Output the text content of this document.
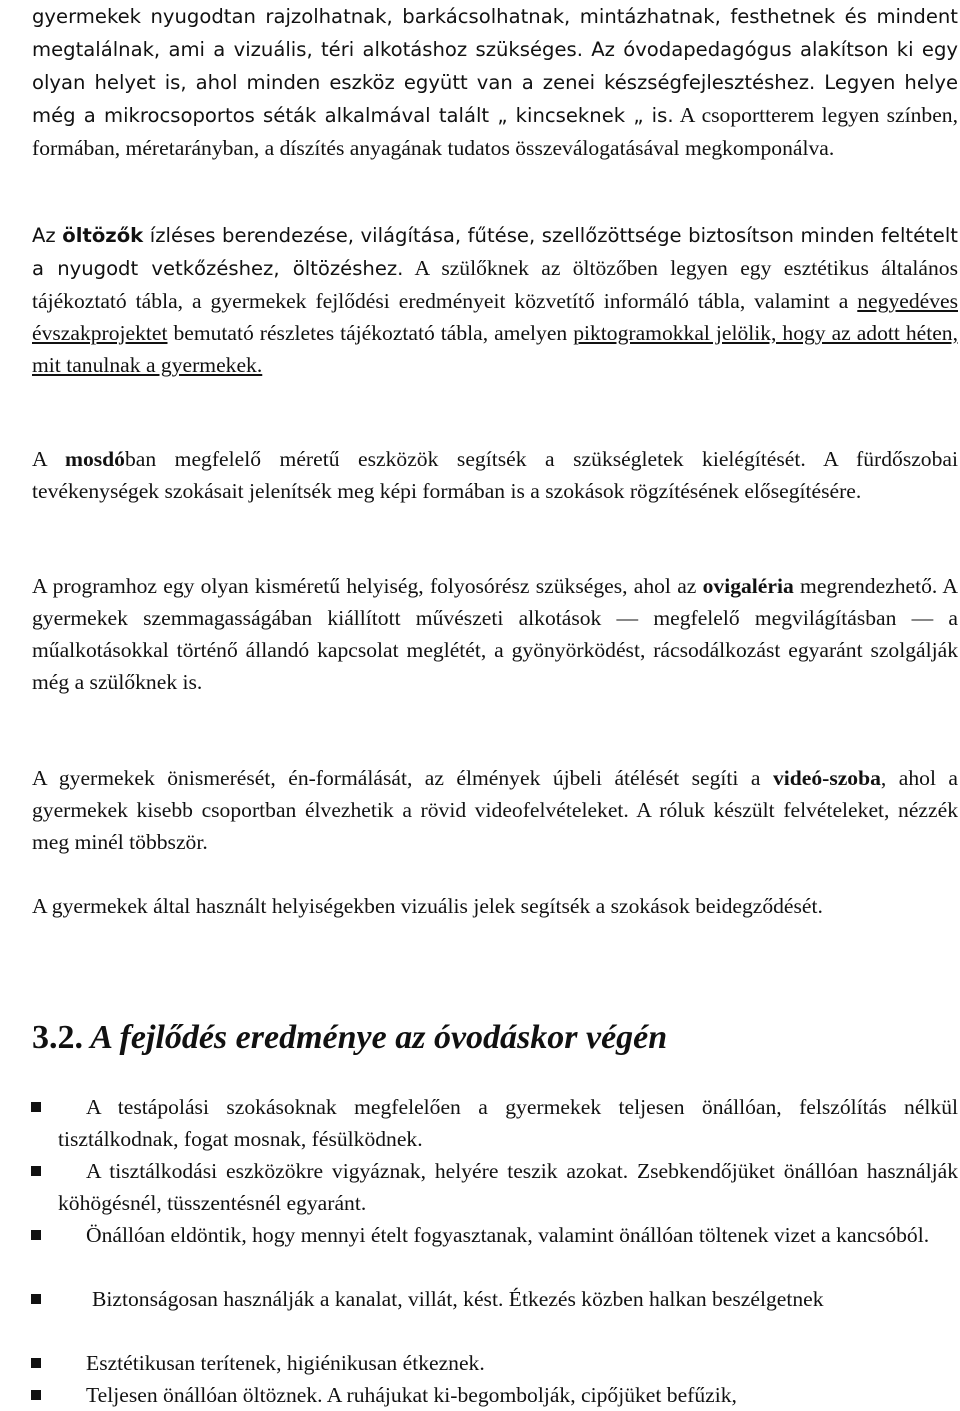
gyermekek nyugodtan rajzolhatnak, barkácsolhatnak, mintázhatnak, festhetnek és mindent megtalálnak, ami a vizuális, téri alkotáshoz szükséges. Az óvodapedagógus alakítson ki egy olyan helyet is, ahol minden eszköz együtt van a zenei készségfejlesztéshez. Legyen helye még a mikrocsoportos séták alkalmával talált „ kincseknek „ is. A csoportterem legyen színben, formában, méretarányban, a díszítés anyagának tudatos összeválogatásával megkomponálva.

Az öltözők ízléses berendezése, világítása, fűtése, szellőzöttsége biztosítson minden feltételt a nyugodt vetkőzéshez, öltözéshez. A szülőknek az öltözőben legyen egy esztétikus általános tájékoztató tábla, a gyermekek fejlődési eredményeit közvetítő informáló tábla, valamint a negyedéves évszakprojektet bemutató részletes tájékoztató tábla, amelyen piktogramokkal jelölik, hogy az adott héten, mit tanulnak a gyermekek.

A mosdóban megfelelő méretű eszközök segítsék a szükségletek kielégítését. A fürdőszobai tevékenységek szokásait jelenítsék meg képi formában is a szokások rögzítésének elősegítésére.

A programhoz egy olyan kisméretű helyiség, folyosórész szükséges, ahol az ovigaléria megrendezhető. A gyermekek szemmagasságában kiállított művészeti alkotások — megfelelő megvilágításban — a műalkotásokkal történő állandó kapcsolat meglétét, a gyönyörködést, rácsodálkozást egyaránt szolgálják még a szülőknek is.

A gyermekek önismerését, én-formálását, az élmények újbeli átélését segíti a videó-szoba, ahol a gyermekek kisebb csoportban élvezhetik a rövid videofelvételeket. A róluk készült felvételeket, nézzék meg minél többször.

A gyermekek által használt helyiségekben vizuális jelek segítsék a szokások beidegződését.

3.2. A fejlődés eredménye az óvodáskor végén

A testápolási szokásoknak megfelelően a gyermekek teljesen önállóan, felszólítás nélkül tisztálkodnak, fogat mosnak, fésülködnek.

A tisztálkodási eszközökre vigyáznak, helyére teszik azokat. Zsebkendőjüket önállóan használják köhögésnél, tüsszentésnél egyaránt.

Önállóan eldöntik, hogy mennyi ételt fogyasztanak, valamint önállóan töltenek vizet a kancsóból.

Biztonságosan használják a kanalat, villát, kést. Étkezés közben halkan beszélgetnek

Esztétikusan terítenek, higiénikusan étkeznek.

Teljesen önállóan öltöznek. A ruhájukat ki-begombolják, cipőjüket befűzik,
